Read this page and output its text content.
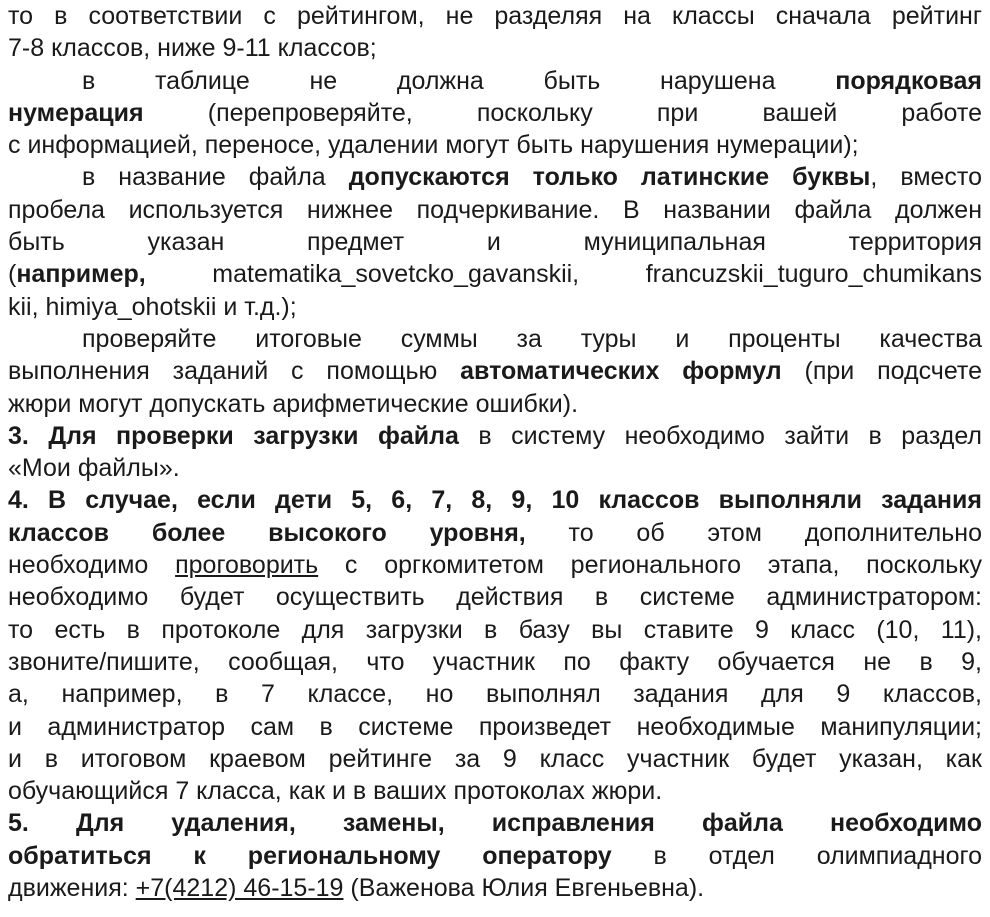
то в соответствии с рейтингом, не разделяя на классы сначала рейтинг
7-8 классов, ниже 9-11 классов;

в таблице не должна быть нарушена порядковая
нумерация (перепроверяйте, поскольку при вашей работе
с информацией, переносе, удалении могут быть нарушения нумерации);

в название файла допускаются только латинские буквы, вместо
пробела используется нижнее подчеркивание. В названии файла должен
быть указан предмет и муниципальная территория
(например, matematika_sovetcko_gavanskii, francuzskii_tuguro_chumikans
kii, himiya_ohotskii и т.д.);

проверяйте итоговые суммы за туры и проценты качества
выполнения заданий с помощью автоматических формул (при подсчете
жюри могут допускать арифметические ошибки).

3. Для проверки загрузки файла в систему необходимо зайти в раздел
«Мои файлы».

4. В случае, если дети 5, 6, 7, 8, 9, 10 классов выполняли задания
классов более высокого уровня, то об этом дополнительно
необходимо проговорить с оргкомитетом регионального этапа, поскольку
необходимо будет осуществить действия в системе администратором:
то есть в протоколе для загрузки в базу вы ставите 9 класс (10, 11),
звоните/пишите, сообщая, что участник по факту обучается не в 9,
а, например, в 7 классе, но выполнял задания для 9 классов,
и администратор сам в системе произведет необходимые манипуляции;
и в итоговом краевом рейтинге за 9 класс участник будет указан, как
обучающийся 7 класса, как и в ваших протоколах жюри.

5. Для удаления, замены, исправления файла необходимо
обратиться к региональному оператору в отдел олимпиадного
движения: +7(4212) 46-15-19 (Важенова Юлия Евгеньевна).
